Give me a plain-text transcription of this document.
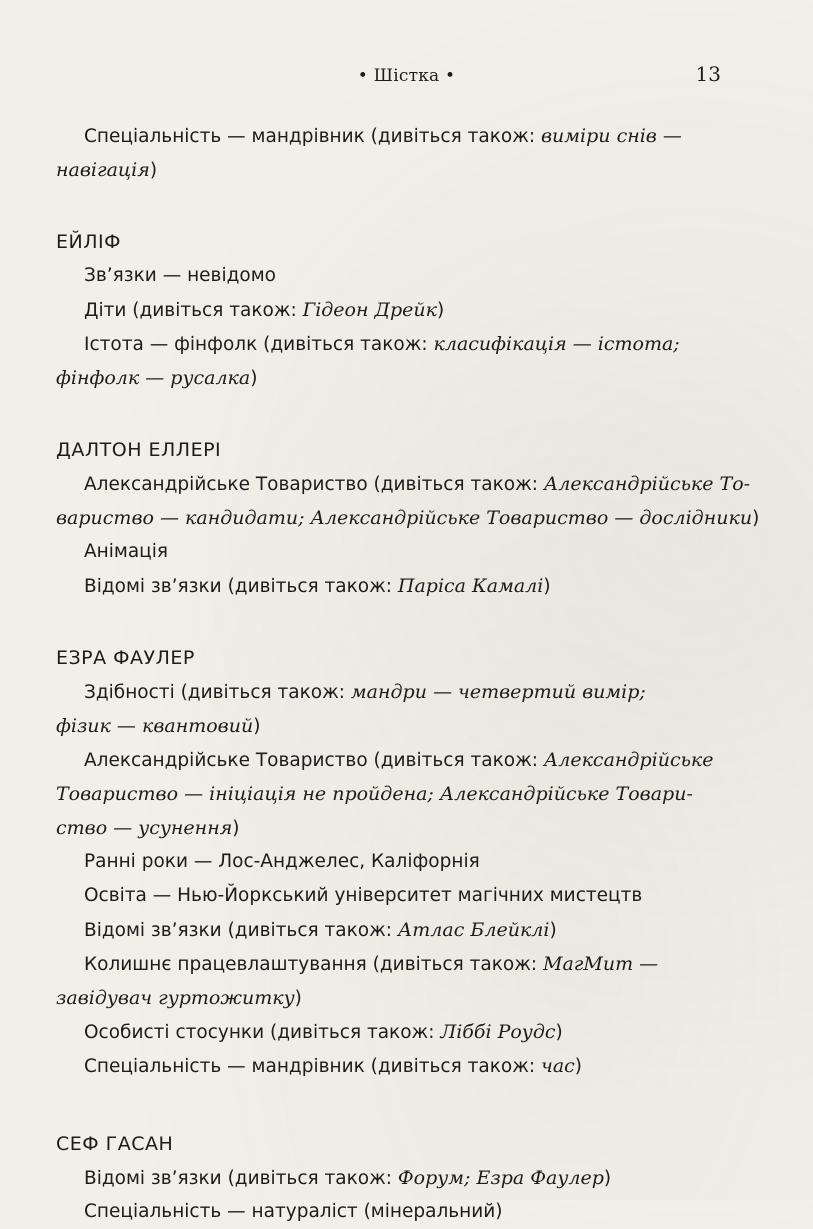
• Шістка •	13
Спеціальність — мандрівник (дивіться також: виміри снів —
навігація)
ЕЙЛІФ
Зв’язки — невідомо
Діти (дивіться також: Гідеон Дрейк)
Істота — фінфолк (дивіться також: класифікація — істота;
фінфолк — русалка)
ДАЛТОН ЕЛЛЕРІ
Александрійське Товариство (дивіться також: Александрійське То-
вариство — кандидати; Александрійське Товариство — дослідники)
Анімація
Відомі зв’язки (дивіться також: Паріса Камалі)
ЕЗРА ФАУЛЕР
Здібності (дивіться також: мандри — четвертий вимір;
фізик — квантовий)
Александрійське Товариство (дивіться також: Александрійське
Товариство — ініціація не пройдена; Александрійське Товари-
ство — усунення)
Ранні роки — Лос-Анджелес, Каліфорнія
Освіта — Нью-Йоркський університет магічних мистецтв
Відомі зв’язки (дивіться також: Атлас Блейклі)
Колишнє працевлаштування (дивіться також: МагМит —
завідувач гуртожитку)
Особисті стосунки (дивіться також: Ліббі Роудс)
Спеціальність — мандрівник (дивіться також: час)
СЕФ ГАСАН
Відомі зв’язки (дивіться також: Форум; Езра Фаулер)
Спеціальність — натураліст (мінеральний)
